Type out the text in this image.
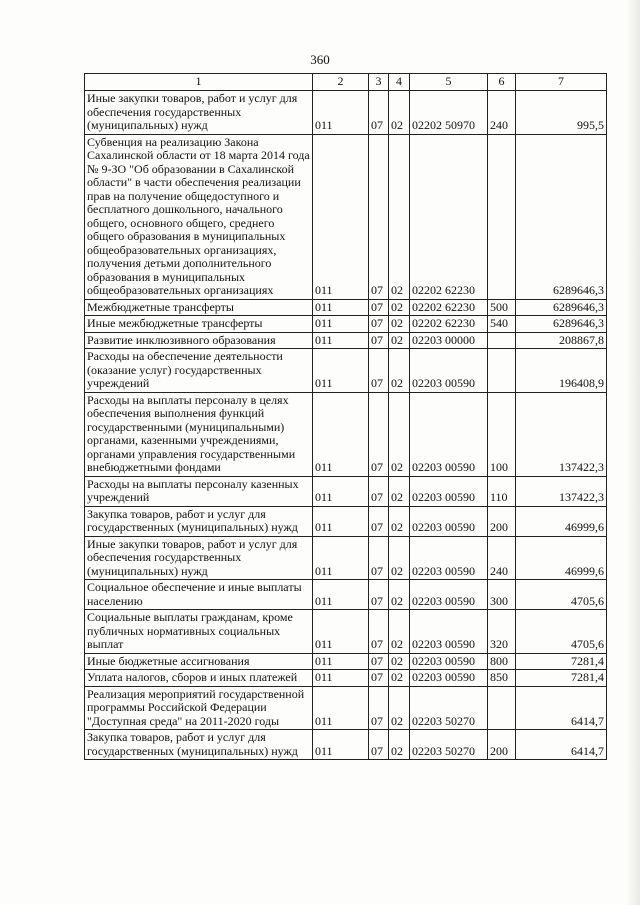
360
1	2	3	4	5	6	7
Иные закупки товаров, работ и услуг для обеспечения государственных (муниципальных) нужд	011	07	02	02202 50970	240	995,5
Субвенция на реализацию Закона Сахалинской области от 18 марта 2014 года № 9-ЗО "Об образовании в Сахалинской области" в части обеспечения реализации прав на получение общедоступного и бесплатного дошкольного, начального общего, основного общего, среднего общего образования в муниципальных общеобразовательных организациях, получения детьми дополнительного образования в муниципальных общеобразовательных организациях	011	07	02	02202 62230		6289646,3
Межбюджетные трансферты	011	07	02	02202 62230	500	6289646,3
Иные межбюджетные трансферты	011	07	02	02202 62230	540	6289646,3
Развитие инклюзивного образования	011	07	02	02203 00000		208867,8
Расходы на обеспечение деятельности (оказание услуг) государственных учреждений	011	07	02	02203 00590		196408,9
Расходы на выплаты персоналу в целях обеспечения выполнения функций государственными (муниципальными) органами, казенными учреждениями, органами управления государственными внебюджетными фондами	011	07	02	02203 00590	100	137422,3
Расходы на выплаты персоналу казенных учреждений	011	07	02	02203 00590	110	137422,3
Закупка товаров, работ и услуг для государственных (муниципальных) нужд	011	07	02	02203 00590	200	46999,6
Иные закупки товаров, работ и услуг для обеспечения государственных (муниципальных) нужд	011	07	02	02203 00590	240	46999,6
Социальное обеспечение и иные выплаты населению	011	07	02	02203 00590	300	4705,6
Социальные выплаты гражданам, кроме публичных нормативных социальных выплат	011	07	02	02203 00590	320	4705,6
Иные бюджетные ассигнования	011	07	02	02203 00590	800	7281,4
Уплата налогов, сборов и иных платежей	011	07	02	02203 00590	850	7281,4
Реализация мероприятий государственной программы Российской Федерации "Доступная среда" на 2011-2020 годы	011	07	02	02203 50270		6414,7
Закупка товаров, работ и услуг для государственных (муниципальных) нужд	011	07	02	02203 50270	200	6414,7
